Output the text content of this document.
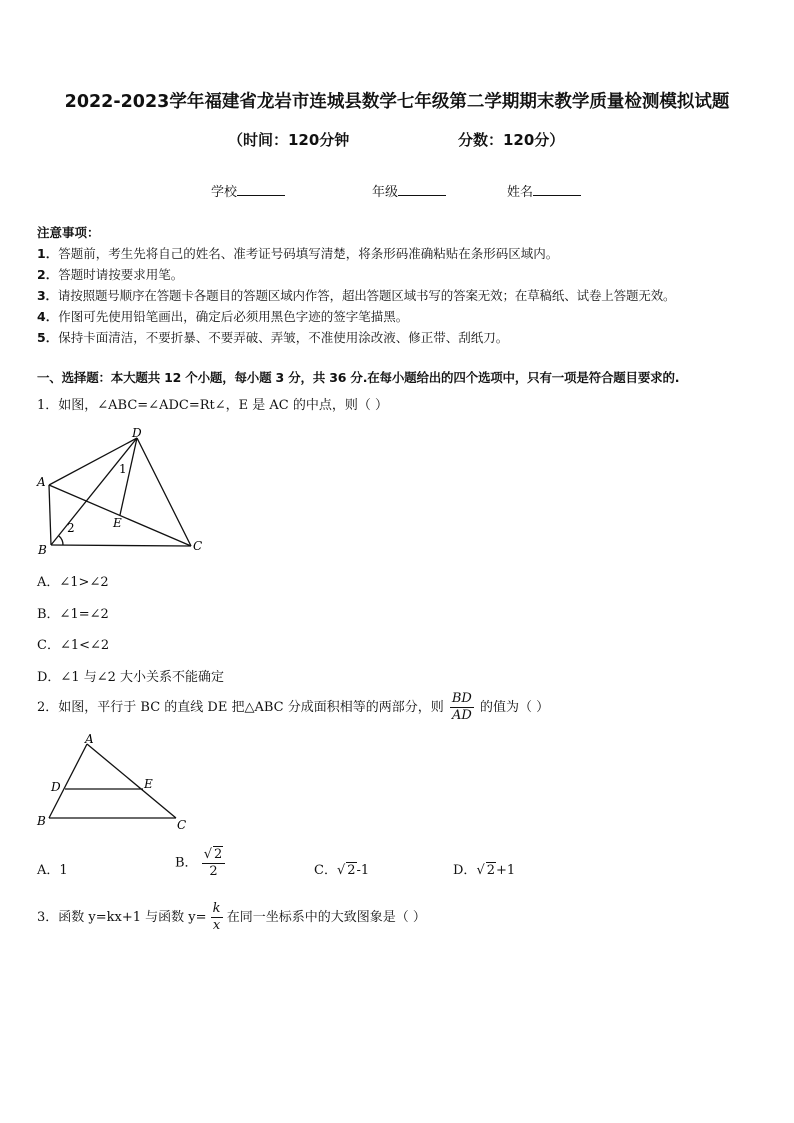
2022-2023学年福建省龙岩市连城县数学七年级第二学期期末教学质量检测模拟试题
（时间：120分钟	分数：120分）
学校	年级	姓名
注意事项：
1．答题前，考生先将自己的姓名、准考证号码填写清楚，将条形码准确粘贴在条形码区域内。
2．答题时请按要求用笔。
3．请按照题号顺序在答题卡各题目的答题区域内作答，超出答题区域书写的答案无效；在草稿纸、试卷上答题无效。
4．作图可先使用铅笔画出，确定后必须用黑色字迹的签字笔描黑。
5．保持卡面清洁，不要折暴、不要弄破、弄皱，不准使用涂改液、修正带、刮纸刀。
一、选择题：本大题共 12 个小题，每小题 3 分，共 36 分.在每小题给出的四个选项中，只有一项是符合题目要求的.
1．如图，∠ABC=∠ADC=Rt∠，E 是 AC 的中点，则（ ）
A
B	C
D
E
1
2
A．∠1>∠2
B．∠1=∠2
C．∠1<∠2
D．∠1 与∠2 大小关系不能确定
2．如图，平行于 BC 的直线 DE 把△ABC 分成面积相等的两部分，则 $\frac{BD}{AD}$ 的值为（ ）
A
B	C
D	E
A．1	B． $\frac{√ 2}{2}$	C．√ 2-1	D．√ 2+1
3．函数 y=kx+1 与函数 $y= \frac{k}{x}$ 在同一坐标系中的大致图象是（ ）
